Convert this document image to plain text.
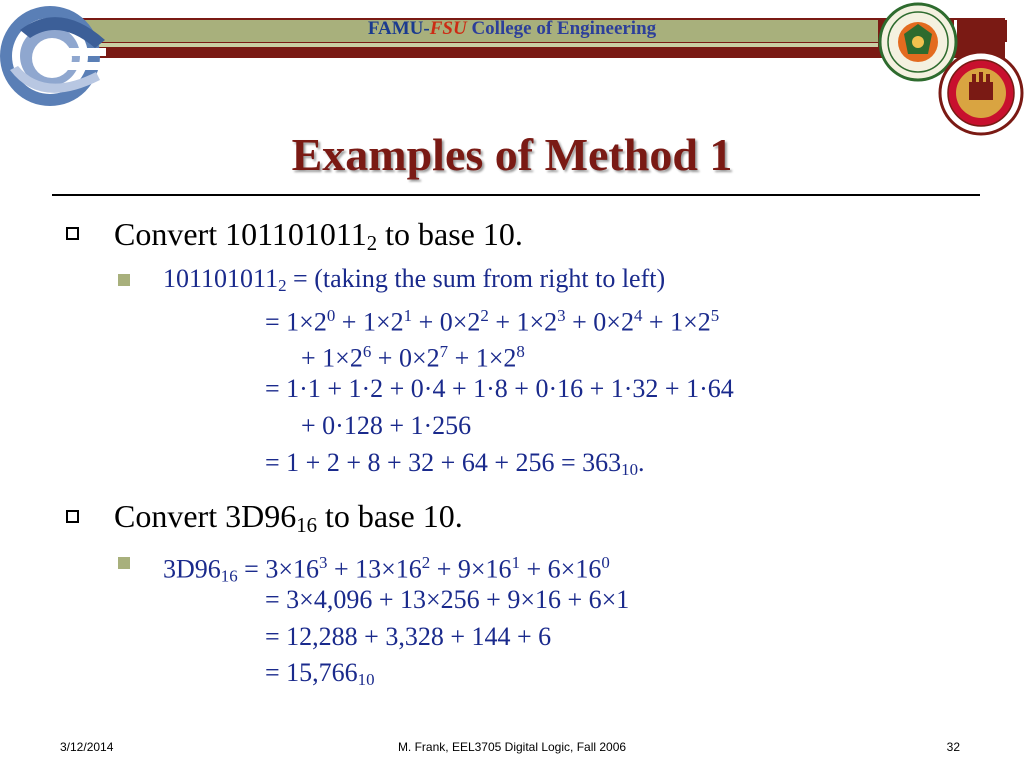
FAMU-FSU College of Engineering
Examples of Method 1
Convert $101101011_2$ to base 10.
$101101011_2$ = (taking the sum from right to left)
= $1\times 2^0 + 1\times 2^1 + 0\times 2^2 + 1\times 2^3 + 0\times 2^4 + 1\times 2^5$
+ $1\times 2^6 + 0\times 2^7 + 1\times 2^8$
= 1·1 + 1·2 + 0·4 + 1·8 + 0·16 + 1·32 + 1·64
+ 0·128 + 1·256
= $1 + 2 + 8 + 32 + 64 + 256 = 363_{10}$.
Convert $3D96_{16}$ to base 10.
$3D96_{16} = 3\times 16^3 + 13\times 16^2 + 9\times 16^1 + 6\times 16^0$
= 3×4,096 + 13×256 + 9×16 + 6×1
= 12,288 + 3,328 + 144 + 6
= $15,766_{10}$
3/12/2014	M. Frank, EEL3705 Digital Logic, Fall 2006	32
